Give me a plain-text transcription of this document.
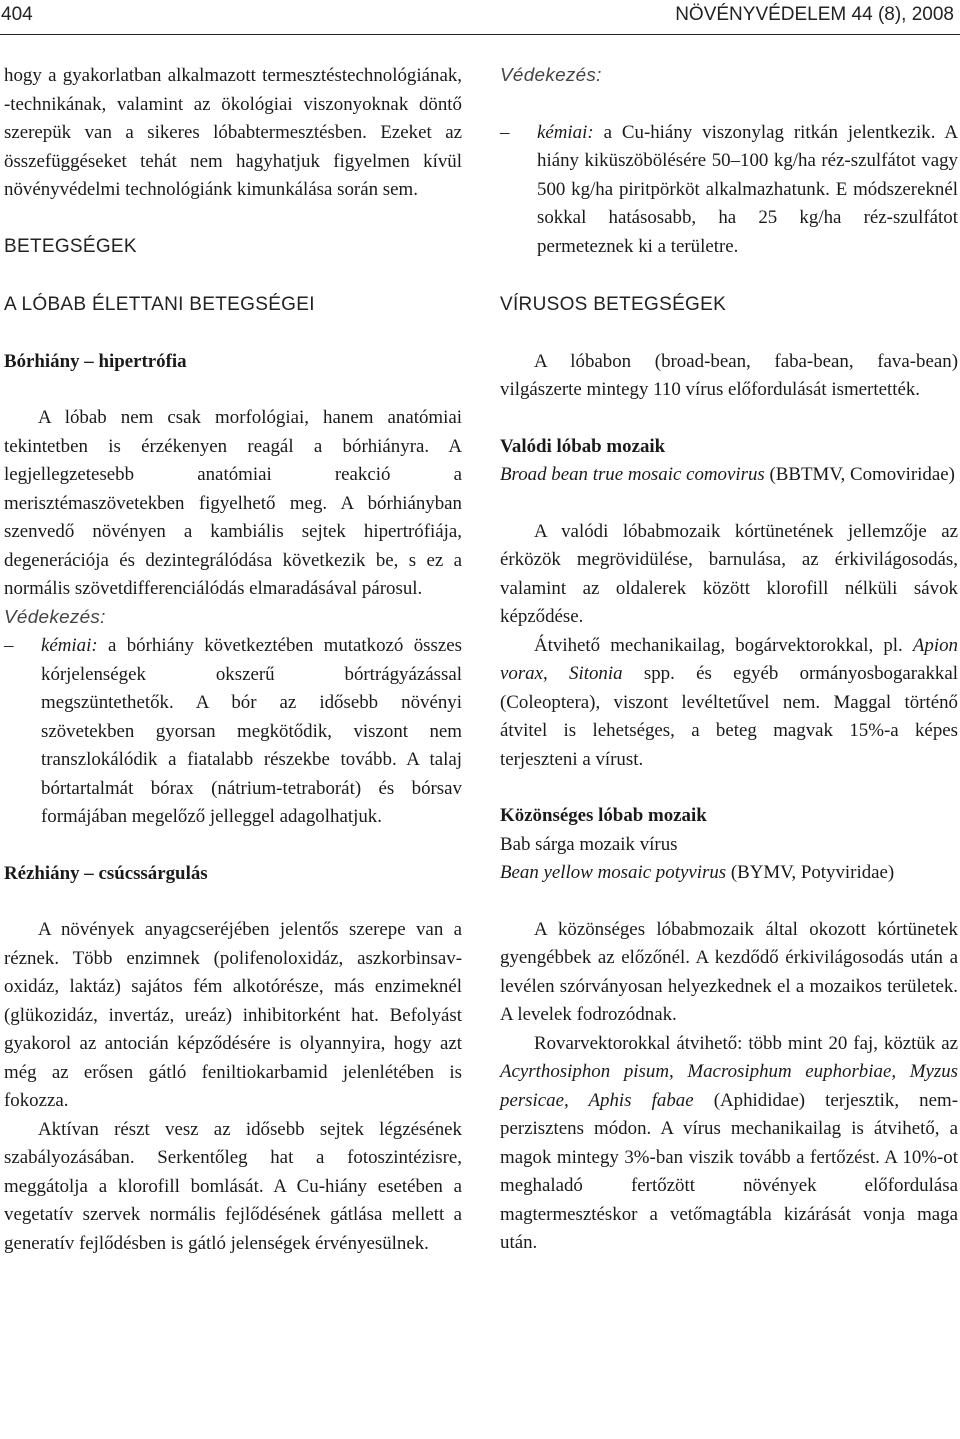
404	NÖVÉNYVÉDELEM 44 (8), 2008

hogy a gyakorlatban alkalmazott termesztéstechnológiának, -technikának, valamint az ökológiai viszonyoknak döntő szerepük van a sikeres lóbabtermesztésben. Ezeket az összefüggéseket tehát nem hagyhatjuk figyelmen kívül növényvédelmi technológiánk kimunkálása során sem.

BETEGSÉGEK

A LÓBAB ÉLETTANI BETEGSÉGEI

Bórhiány – hipertrófia

A lóbab nem csak morfológiai, hanem anatómiai tekintetben is érzékenyen reagál a bórhiányra. A legjellegzetesebb anatómiai reakció a merisztémaszövetekben figyelhető meg. A bórhiányban szenvedő növényen a kambiális sejtek hipertrófiája, degenerációja és dezintegrálódása következik be, s ez a normális szövetdifferenciálódás elmaradásával párosul.

Védekezés:

– kémiai: a bórhiány következtében mutatkozó összes kórjelenségek okszerű bórtrágyázással megszüntethetők. A bór az idősebb növényi szövetekben gyorsan megkötődik, viszont nem transzlokálódik a fiatalabb részekbe tovább. A talaj bórtartalmát bórax (nátrium-tetraborát) és bórsav formájában megelőző jelleggel adagolhatjuk.

Rézhiány – csúcssárgulás

A növények anyagcseréjében jelentős szerepe van a réznek. Több enzimnek (polifenoloxidáz, aszkorbinsav-oxidáz, laktáz) sajátos fém alkotórésze, más enzimeknél (glükozidáz, invertáz, ureáz) inhibitorként hat. Befolyást gyakorol az antocián képződésére is olyannyira, hogy azt még az erősen gátló feniltiokarbamid jelenlétében is fokozza.

Aktívan részt vesz az idősebb sejtek légzésének szabályozásában. Serkentőleg hat a fotoszintézisre, meggátolja a klorofill bomlását. A Cu-hiány esetében a vegetatív szervek normális fejlődésének gátlása mellett a generatív fejlődésben is gátló jelenségek érvényesülnek.

Védekezés:

– kémiai: a Cu-hiány viszonylag ritkán jelentkezik. A hiány kiküszöbölésére 50–100 kg/ha réz-szulfátot vagy 500 kg/ha piritpörköt alkalmazhatunk. E módszereknél sokkal hatásosabb, ha 25 kg/ha réz-szulfátot permeteznek ki a területre.

VÍRUSOS BETEGSÉGEK

A lóbabon (broad-bean, faba-bean, fava-bean) vilgászerte mintegy 110 vírus előfordulását ismertették.

Valódi lóbab mozaik

Broad bean true mosaic comovirus (BBTMV, Comoviridae)

A valódi lóbabmozaik kórtünetének jellemzője az érközök megrövidülése, barnulása, az érkivilágosodás, valamint az oldalerek között klorofill nélküli sávok képződése.

Átvihető mechanikailag, bogárvektorokkal, pl. Apion vorax, Sitonia spp. és egyéb ormányosbogarakkal (Coleoptera), viszont levéltetűvel nem. Maggal történő átvitel is lehetséges, a beteg magvak 15%-a képes terjeszteni a vírust.

Közönséges lóbab mozaik

Bab sárga mozaik vírus

Bean yellow mosaic potyvirus (BYMV, Potyviridae)

A közönséges lóbabmozaik által okozott kórtünetek gyengébbek az előzőnél. A kezdődő érkivilágosodás után a levélen szórványosan helyezkednek el a mozaikos területek. A levelek fodrozódnak.

Rovarvektorokkal átvihető: több mint 20 faj, köztük az Acyrthosiphon pisum, Macrosiphum euphorbiae, Myzus persicae, Aphis fabae (Aphididae) terjesztik, nem-perzisztens módon. A vírus mechanikailag is átvihető, a magok mintegy 3%-ban viszik tovább a fertőzést. A 10%-ot meghaladó fertőzött növények előfordulása magtermesztéskor a vetőmagtábla kizárását vonja maga után.
